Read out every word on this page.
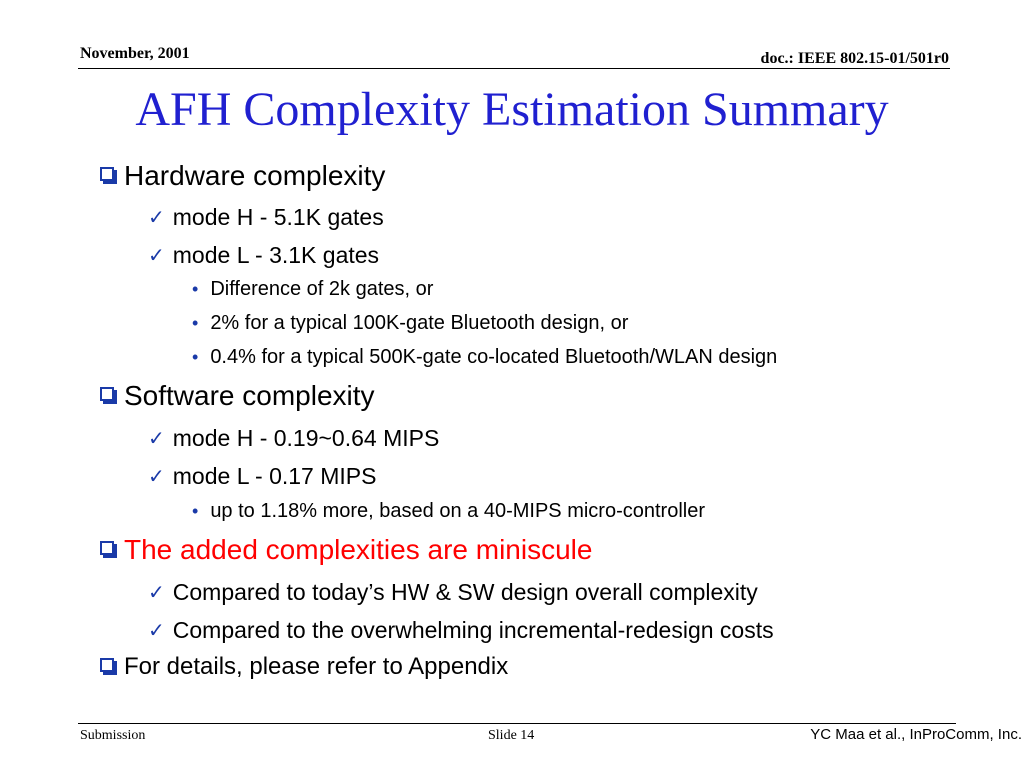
November, 2001	doc.: IEEE 802.15-01/501r0
AFH Complexity Estimation Summary
Hardware complexity
✓ mode H - 5.1K gates
✓ mode L - 3.1K gates
• Difference of 2k gates, or
• 2% for a typical 100K-gate Bluetooth design, or
• 0.4% for a typical 500K-gate co-located Bluetooth/WLAN design
Software complexity
✓ mode H - 0.19~0.64 MIPS
✓ mode L - 0.17 MIPS
• up to 1.18% more, based on a 40-MIPS micro-controller
The added complexities are miniscule
✓ Compared to today’s HW & SW design overall complexity
✓ Compared to the overwhelming incremental-redesign costs
For details, please refer to Appendix
Submission	Slide 14	YC Maa et al., InProComm, Inc.
